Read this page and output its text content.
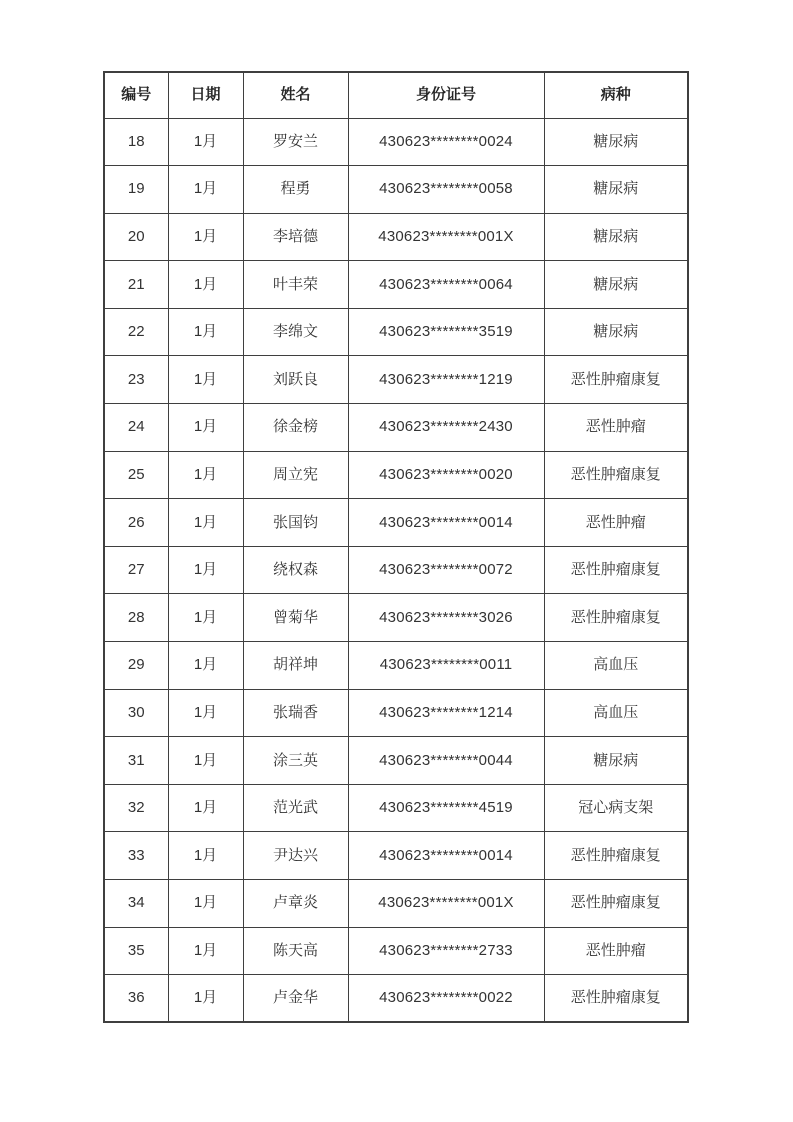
编号	日期	姓名	身份证号	病种
18	1月	罗安兰	430623********0024	糖尿病
19	1月	程勇	430623********0058	糖尿病
20	1月	李培德	430623********001X	糖尿病
21	1月	叶丰荣	430623********0064	糖尿病
22	1月	李绵文	430623********3519	糖尿病
23	1月	刘跃良	430623********1219	恶性肿瘤康复
24	1月	徐金榜	430623********2430	恶性肿瘤
25	1月	周立宪	430623********0020	恶性肿瘤康复
26	1月	张国钧	430623********0014	恶性肿瘤
27	1月	绕权森	430623********0072	恶性肿瘤康复
28	1月	曾菊华	430623********3026	恶性肿瘤康复
29	1月	胡祥坤	430623********0011	高血压
30	1月	张瑞香	430623********1214	高血压
31	1月	涂三英	430623********0044	糖尿病
32	1月	范光武	430623********4519	冠心病支架
33	1月	尹达兴	430623********0014	恶性肿瘤康复
34	1月	卢章炎	430623********001X	恶性肿瘤康复
35	1月	陈天高	430623********2733	恶性肿瘤
36	1月	卢金华	430623********0022	恶性肿瘤康复
